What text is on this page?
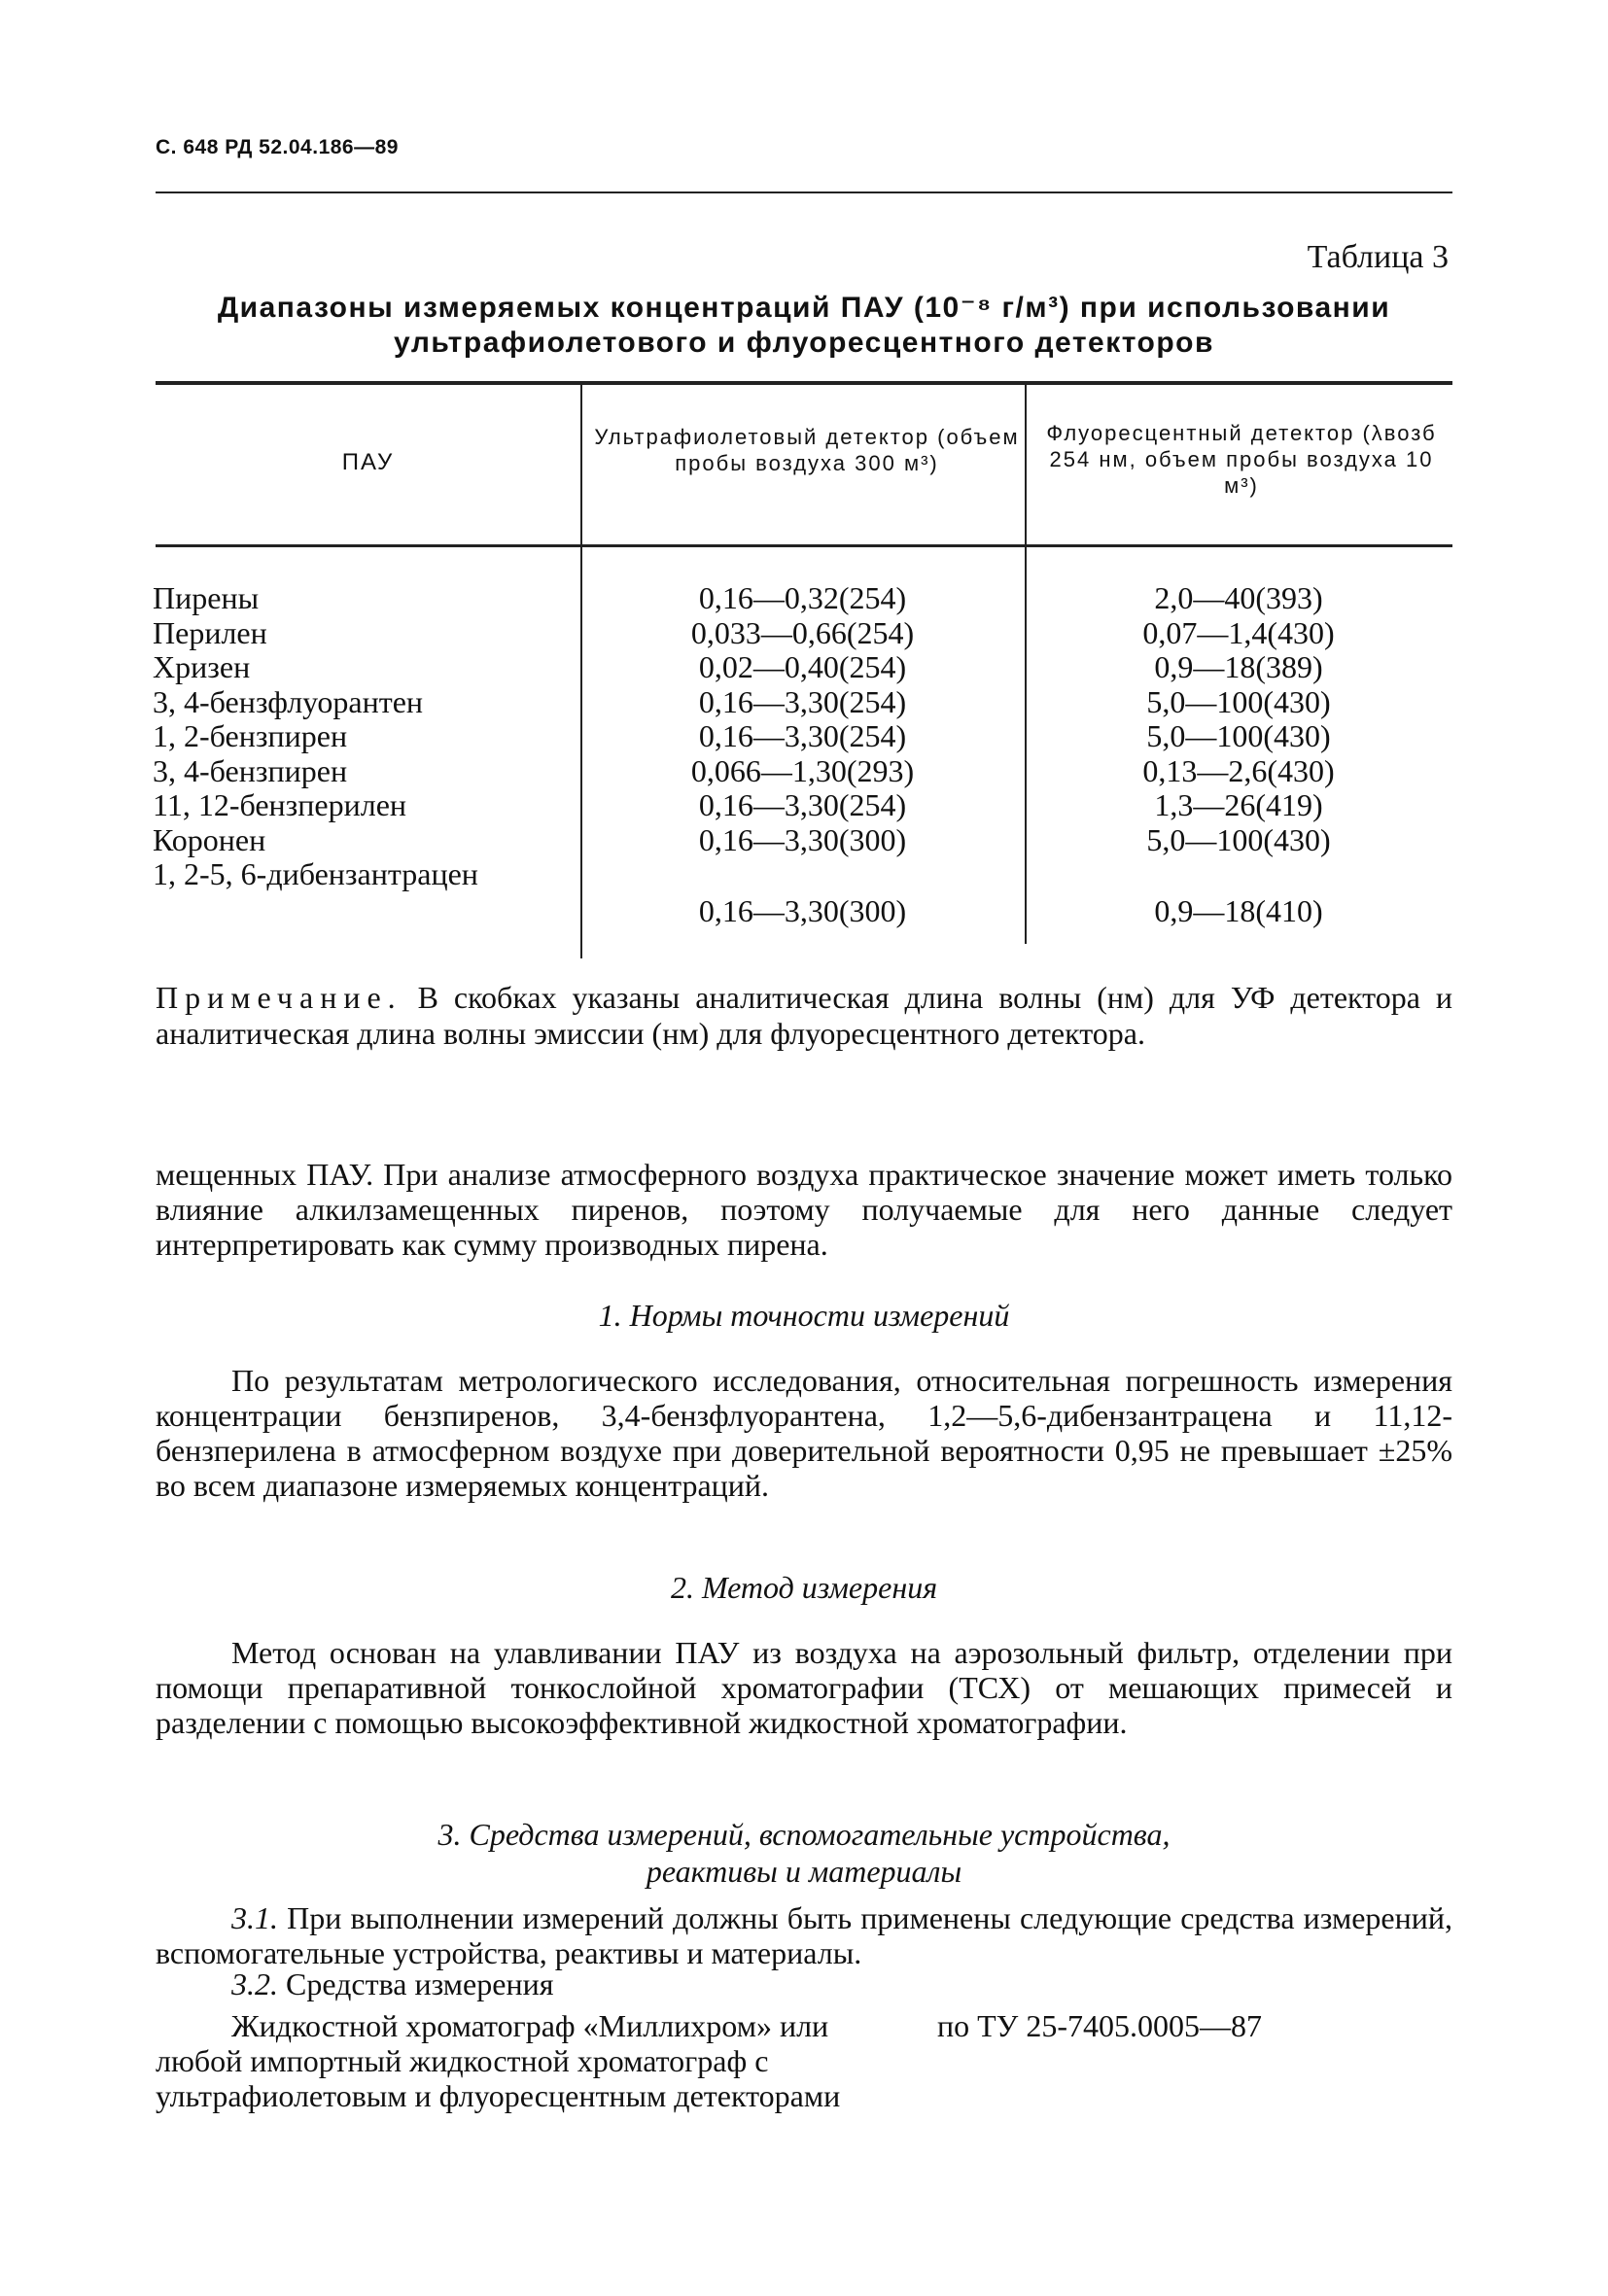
С. 648 РД 52.04.186—89
Таблица 3
Диапазоны измеряемых концентраций ПАУ (10⁻⁸ г/м³) при использовании
ультрафиолетового и флуоресцентного детекторов
ПАУ
Ультрафиолетовый детектор (объем пробы воздуха 300 м³)
Флуоресцентный детектор (λвозб 254 нм, объем пробы воздуха 10 м³)
Пирены
Перилен
Хризен
3, 4-бензфлуорантен
1, 2-бензпирен
3, 4-бензпирен
11, 12-бензперилен
Коронен
1, 2-5, 6-дибензантрацен
0,16—0,32(254)
0,033—0,66(254)
0,02—0,40(254)
0,16—3,30(254)
0,16—3,30(254)
0,066—1,30(293)
0,16—3,30(254)
0,16—3,30(300)
0,16—3,30(300)
2,0—40(393)
0,07—1,4(430)
0,9—18(389)
5,0—100(430)
5,0—100(430)
0,13—2,6(430)
1,3—26(419)
5,0—100(430)
0,9—18(410)
Примечание. В скобках указаны аналитическая длина волны (нм) для УФ детектора и аналитическая длина волны эмиссии (нм) для флуоресцентного детектора.
мещенных ПАУ. При анализе атмосферного воздуха практическое значение может иметь только влияние алкилзамещенных пиренов, поэтому получаемые для него данные следует интерпретировать как сумму производных пирена.
1. Нормы точности измерений
По результатам метрологического исследования, относительная погрешность измерения концентрации бензпиренов, 3,4-бензфлуорантена, 1,2—5,6-дибензантрацена и 11,12-бензперилена в атмосферном воздухе при доверительной вероятности 0,95 не превышает ±25% во всем диапазоне измеряемых концентраций.
2. Метод измерения
Метод основан на улавливании ПАУ из воздуха на аэрозольный фильтр, отделении при помощи препаративной тонкослойной хроматографии (ТСХ) от мешающих примесей и разделении с помощью высокоэффективной жидкостной хроматографии.
3. Средства измерений, вспомогательные устройства,
реактивы и материалы
3.1. При выполнении измерений должны быть применены следующие средства измерений, вспомогательные устройства, реактивы и материалы.
3.2. Средства измерения
Жидкостной хроматограф «Миллихром» или любой импортный жидкостной хроматограф с ультрафиолетовым и флуоресцентным детекторами
по ТУ 25-7405.0005—87
